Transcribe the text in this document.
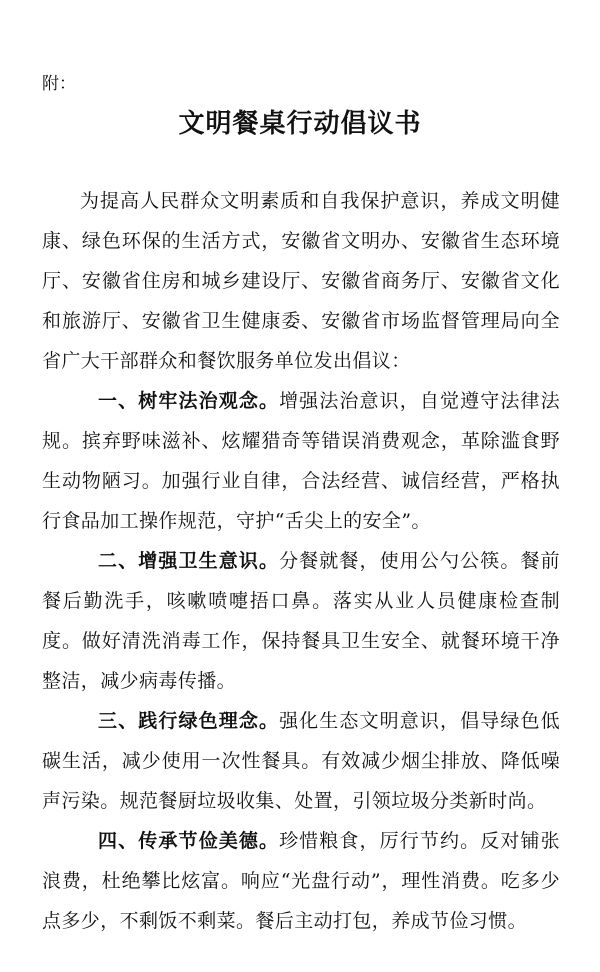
附：
文明餐桌行动倡议书

为提高人民群众文明素质和自我保护意识，养成文明健康、绿色环保的生活方式，安徽省文明办、安徽省生态环境厅、安徽省住房和城乡建设厅、安徽省商务厅、安徽省文化和旅游厅、安徽省卫生健康委、安徽省市场监督管理局向全省广大干部群众和餐饮服务单位发出倡议：

一、树牢法治观念。增强法治意识，自觉遵守法律法规。摈弃野味滋补、炫耀猎奇等错误消费观念，革除滥食野生动物陋习。加强行业自律，合法经营、诚信经营，严格执行食品加工操作规范，守护“舌尖上的安全”。

二、增强卫生意识。分餐就餐，使用公勺公筷。餐前餐后勤洗手，咳嗽喷嚏捂口鼻。落实从业人员健康检查制度。做好清洗消毒工作，保持餐具卫生安全、就餐环境干净整洁，减少病毒传播。

三、践行绿色理念。强化生态文明意识，倡导绿色低碳生活，减少使用一次性餐具。有效减少烟尘排放、降低噪声污染。规范餐厨垃圾收集、处置，引领垃圾分类新时尚。

四、传承节俭美德。珍惜粮食，厉行节约。反对铺张浪费，杜绝攀比炫富。响应“光盘行动”，理性消费。吃多少点多少，不剩饭不剩菜。餐后主动打包，养成节俭习惯。
